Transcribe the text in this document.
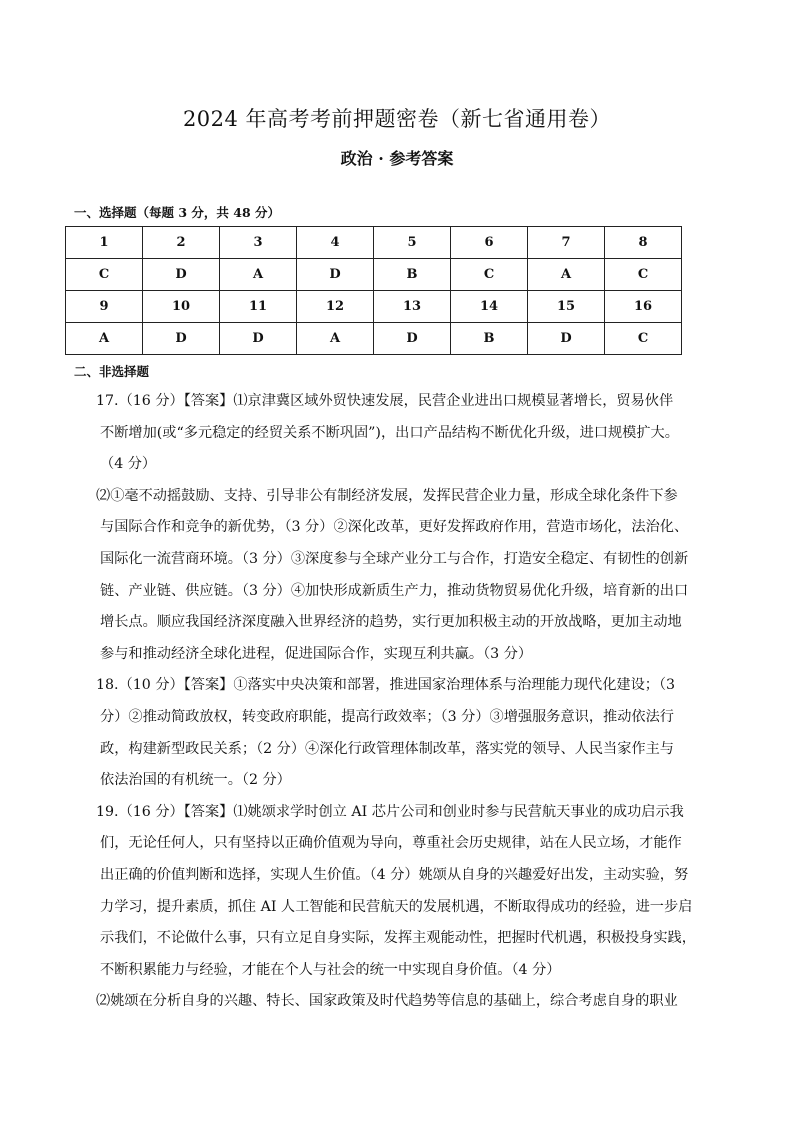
2024 年高考考前押题密卷（新七省通用卷）
政治 · 参考答案
一、选择题（每题 3 分，共 48 分）
1	2	3	4	5	6	7	8
C	D	A	D	B	C	A	C
9	10	11	12	13	14	15	16
A	D	D	A	D	B	D	C
二、非选择题
17.（16 分）【答案】⑴京津冀区域外贸快速发展，民营企业进出口规模显著增长，贸易伙伴
不断增加(或“多元稳定的经贸关系不断巩固”)，出口产品结构不断优化升级，进口规模扩大。
（4 分）
⑵①毫不动摇鼓励、支持、引导非公有制经济发展，发挥民营企业力量，形成全球化条件下参
与国际合作和竞争的新优势，（3 分）②深化改革，更好发挥政府作用，营造市场化，法治化、
国际化一流营商环境。（3 分）③深度参与全球产业分工与合作，打造安全稳定、有韧性的创新
链、产业链、供应链。（3 分）④加快形成新质生产力，推动货物贸易优化升级，培育新的出口
增长点。顺应我国经济深度融入世界经济的趋势，实行更加积极主动的开放战略，更加主动地
参与和推动经济全球化进程，促进国际合作，实现互利共赢。（3 分）
18.（10 分）【答案】①落实中央决策和部署，推进国家治理体系与治理能力现代化建设；（3
分）②推动简政放权，转变政府职能，提高行政效率；（3 分）③增强服务意识，推动依法行
政，构建新型政民关系；（2 分）④深化行政管理体制改革，落实党的领导、人民当家作主与
依法治国的有机统一。（2 分）
19.（16 分）【答案】⑴姚颂求学时创立 AI 芯片公司和创业时参与民营航天事业的成功启示我
们，无论任何人，只有坚持以正确价值观为导向，尊重社会历史规律，站在人民立场，才能作
出正确的价值判断和选择，实现人生价值。（4 分）姚颂从自身的兴趣爱好出发，主动实验，努
力学习，提升素质，抓住 AI 人工智能和民营航天的发展机遇，不断取得成功的经验，进一步启
示我们，不论做什么事，只有立足自身实际，发挥主观能动性，把握时代机遇，积极投身实践，
不断积累能力与经验，才能在个人与社会的统一中实现自身价值。（4 分）
⑵姚颂在分析自身的兴趣、特长、国家政策及时代趋势等信息的基础上，综合考虑自身的职业
